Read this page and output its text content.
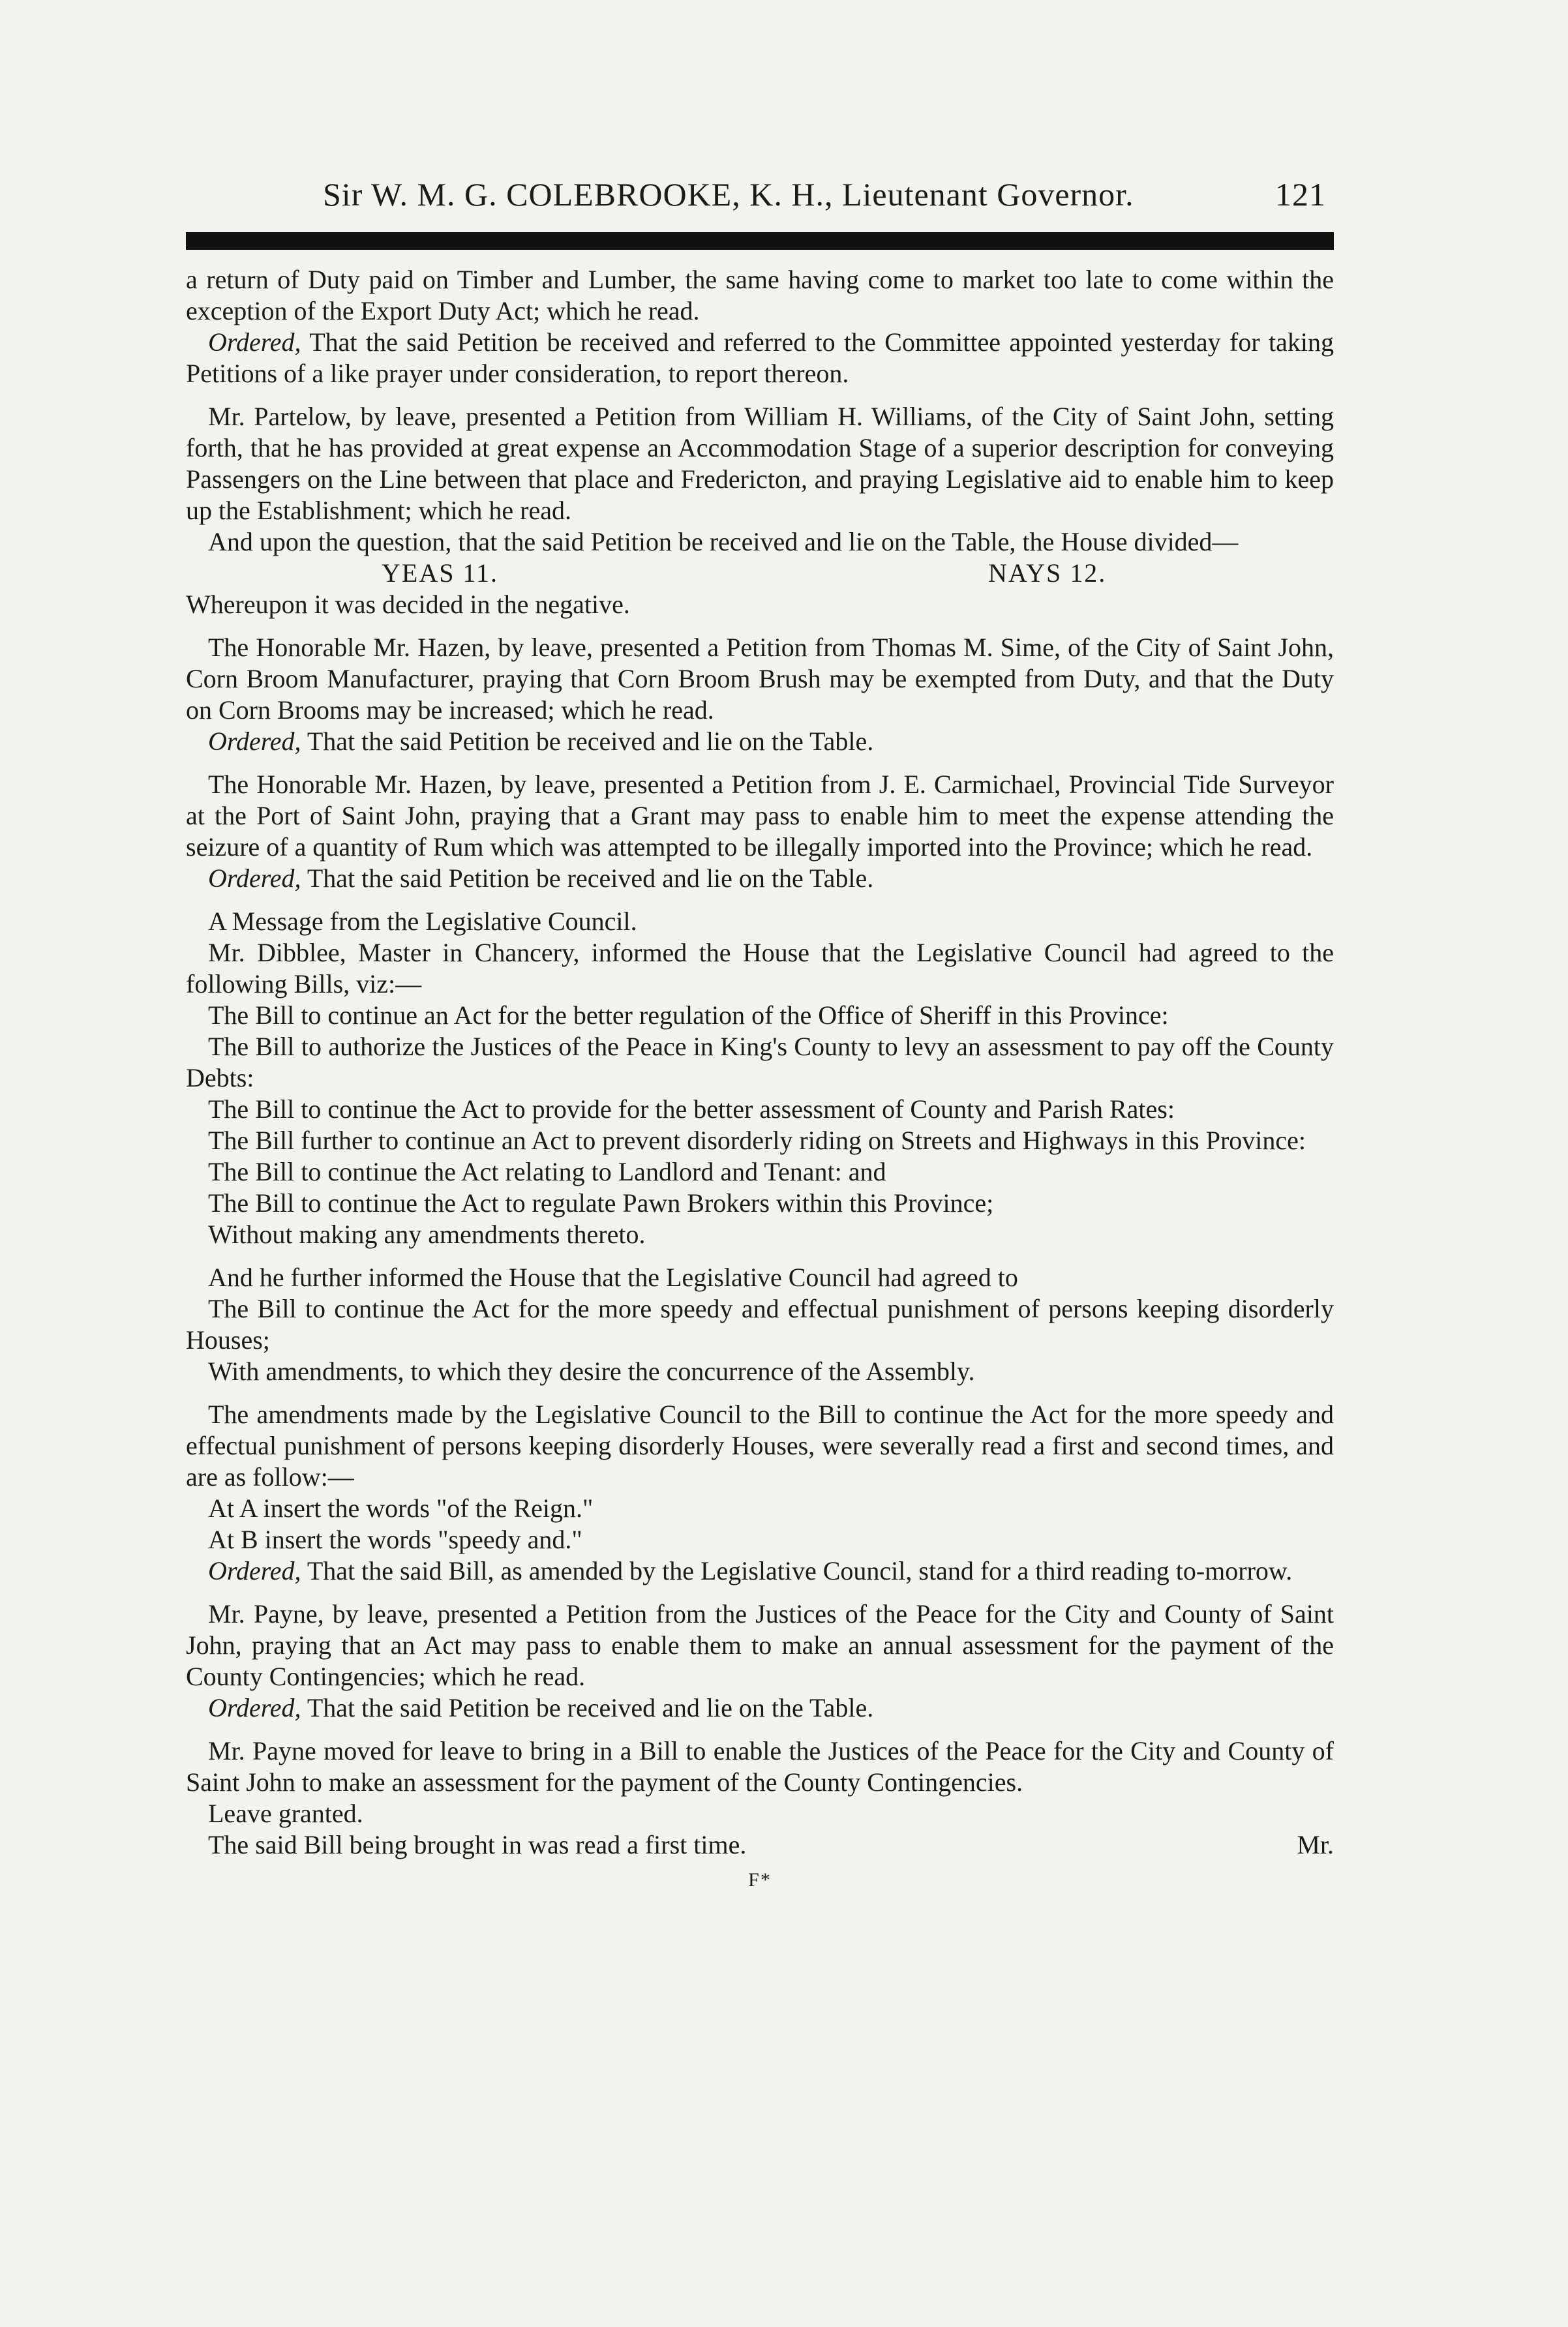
Sir W. M. G. COLEBROOKE, K. H., Lieutenant Governor.	121

a return of Duty paid on Timber and Lumber, the same having come to market too late to come within the exception of the Export Duty Act; which he read.

Ordered, That the said Petition be received and referred to the Committee appointed yesterday for taking Petitions of a like prayer under consideration, to report thereon.

Mr. Partelow, by leave, presented a Petition from William H. Williams, of the City of Saint John, setting forth, that he has provided at great expense an Accommodation Stage of a superior description for conveying Passengers on the Line between that place and Fredericton, and praying Legislative aid to enable him to keep up the Establishment; which he read.

And upon the question, that the said Petition be received and lie on the Table, the House divided—

YEAS 11.	NAYS 12.

Whereupon it was decided in the negative.

The Honorable Mr. Hazen, by leave, presented a Petition from Thomas M. Sime, of the City of Saint John, Corn Broom Manufacturer, praying that Corn Broom Brush may be exempted from Duty, and that the Duty on Corn Brooms may be increased; which he read.

Ordered, That the said Petition be received and lie on the Table.

The Honorable Mr. Hazen, by leave, presented a Petition from J. E. Carmichael, Provincial Tide Surveyor at the Port of Saint John, praying that a Grant may pass to enable him to meet the expense attending the seizure of a quantity of Rum which was attempted to be illegally imported into the Province; which he read.

Ordered, That the said Petition be received and lie on the Table.

A Message from the Legislative Council.

Mr. Dibblee, Master in Chancery, informed the House that the Legislative Council had agreed to the following Bills, viz:—

The Bill to continue an Act for the better regulation of the Office of Sheriff in this Province:

The Bill to authorize the Justices of the Peace in King's County to levy an assessment to pay off the County Debts:

The Bill to continue the Act to provide for the better assessment of County and Parish Rates:

The Bill further to continue an Act to prevent disorderly riding on Streets and Highways in this Province:

The Bill to continue the Act relating to Landlord and Tenant: and

The Bill to continue the Act to regulate Pawn Brokers within this Province;

Without making any amendments thereto.

And he further informed the House that the Legislative Council had agreed to

The Bill to continue the Act for the more speedy and effectual punishment of persons keeping disorderly Houses;

With amendments, to which they desire the concurrence of the Assembly.

The amendments made by the Legislative Council to the Bill to continue the Act for the more speedy and effectual punishment of persons keeping disorderly Houses, were severally read a first and second times, and are as follow:—

At A insert the words "of the Reign."

At B insert the words "speedy and."

Ordered, That the said Bill, as amended by the Legislative Council, stand for a third reading to-morrow.

Mr. Payne, by leave, presented a Petition from the Justices of the Peace for the City and County of Saint John, praying that an Act may pass to enable them to make an annual assessment for the payment of the County Contingencies; which he read.

Ordered, That the said Petition be received and lie on the Table.

Mr. Payne moved for leave to bring in a Bill to enable the Justices of the Peace for the City and County of Saint John to make an assessment for the payment of the County Contingencies.

Leave granted.

The said Bill being brought in was read a first time.	Mr.

F*
